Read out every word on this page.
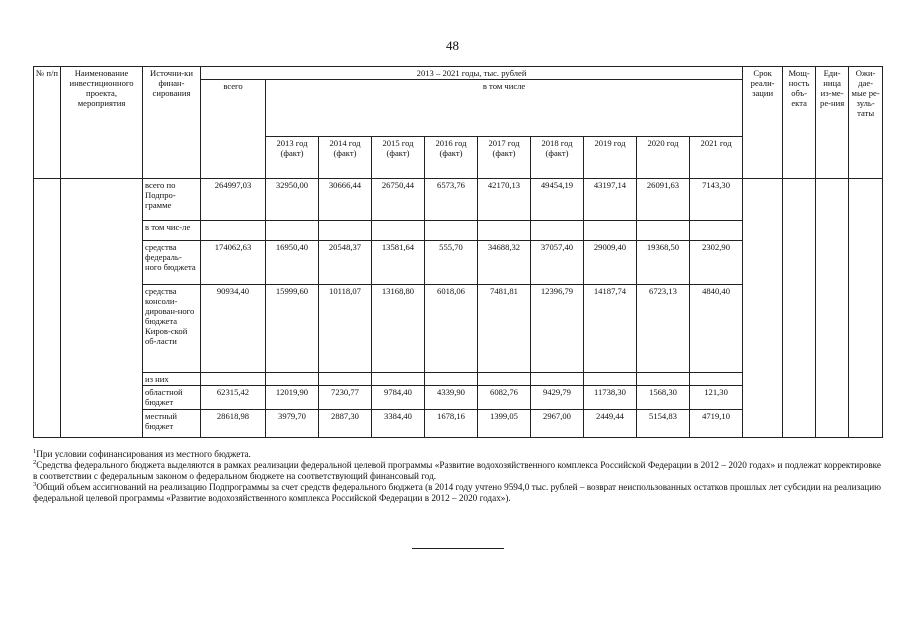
48
№ п/п	Наименование инвестиционного проекта, мероприятия	Источни-ки финан-сирования	2013 – 2021 годы, тыс. рублей										Срок реали-зации	Мощ-ность объ-екта	Еди-ница из-ме-ре-ния	Ожи-дае-мые ре-зуль-таты
			всего	в том числе												
				2013 год (факт)	2014 год (факт)	2015 год (факт)	2016 год (факт)	2017 год (факт)	2018 год (факт)	2019 год	2020 год	2021 год				
		всего по Подпро-грамме	264997,03	32950,00	30666,44	26750,44	6573,76	42170,13	49454,19	43197,14	26091,63	7143,30				
		в том чис-ле														
		средства федераль-ного бюджета	174062,63	16950,40	20548,37	13581,64	555,70	34688,32	37057,40	29009,40	19368,50	2302,90				
		средства консоли-дирован-ного бюджета Киров-ской об-ласти	90934,40	15999,60	10118,07	13168,80	6018,06	7481,81	12396,79	14187,74	6723,13	4840,40				
		из них														
		областной бюджет	62315,42	12019,90	7230,77	9784,40	4339,90	6082,76	9429,79	11738,30	1568,30	121,30				
		местный бюджет	28618,98	3979,70	2887,30	3384,40	1678,16	1399,05	2967,00	2449,44	5154,83	4719,10				

$^1$При условии софинансирования из местного бюджета.

$^2$Средства федерального бюджета выделяются в рамках реализации федеральной целевой программы «Развитие водохозяйственного комплекса Российской Федерации в 2012 – 2020 годах» и подлежат корректировке в соответствии с федеральным законом о федеральном бюджете на соответствующий финансовый год.

$^3$Общий объем ассигнований на реализацию Подпрограммы за счет средств федерального бюджета (в 2014 году учтено 9594,0 тыс. рублей – возврат неиспользованных остатков прошлых лет субсидии на реализацию федеральной целевой программы «Развитие водохозяйственного комплекса Российской Федерации в 2012 – 2020 годах»).
